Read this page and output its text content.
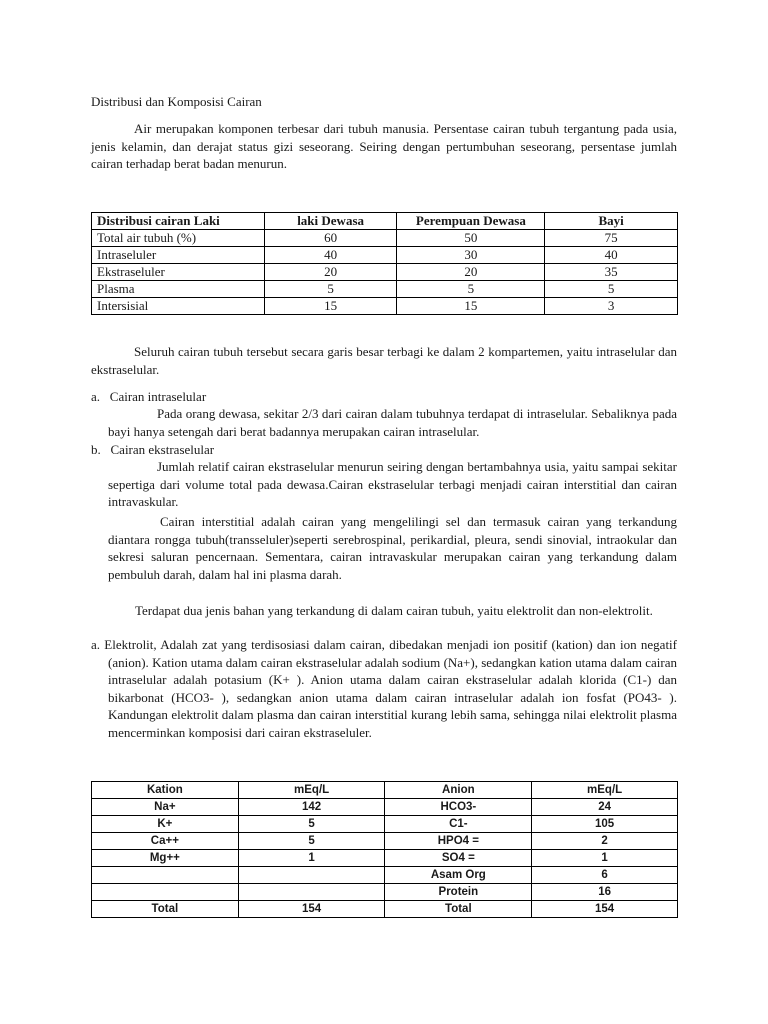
Distribusi dan Komposisi Cairan
Air merupakan komponen terbesar dari tubuh manusia. Persentase cairan tubuh tergantung pada usia, jenis kelamin, dan derajat status gizi seseorang. Seiring dengan pertumbuhan seseorang, persentase jumlah cairan terhadap berat badan menurun.
Distribusi cairan Laki	laki Dewasa	Perempuan Dewasa	Bayi
Total air tubuh (%)	60	50	75
Intraseluler	40	30	40
Ekstraseluler	20	20	35
Plasma	5	5	5
Intersisial	15	15	3
Seluruh cairan tubuh tersebut secara garis besar terbagi ke dalam 2 kompartemen, yaitu intraselular dan ekstraselular.
a.   Cairan intraselular
Pada orang dewasa, sekitar 2/3 dari cairan dalam tubuhnya terdapat di intraselular. Sebaliknya pada bayi hanya setengah dari berat badannya merupakan cairan intraselular.
b.   Cairan ekstraselular
Jumlah relatif cairan ekstraselular menurun seiring dengan bertambahnya usia, yaitu sampai sekitar sepertiga dari volume total pada dewasa.Cairan ekstraselular terbagi menjadi cairan interstitial dan cairan intravaskular.
Cairan interstitial adalah cairan yang mengelilingi sel dan termasuk cairan yang terkandung diantara rongga tubuh(transseluler)seperti serebrospinal, perikardial, pleura, sendi sinovial, intraokular dan sekresi saluran pencernaan. Sementara, cairan intravaskular merupakan cairan yang terkandung dalam pembuluh darah, dalam hal ini plasma darah.
Terdapat dua jenis bahan yang terkandung di dalam cairan tubuh, yaitu elektrolit dan non-elektrolit.
a. Elektrolit, Adalah zat yang terdisosiasi dalam cairan, dibedakan menjadi ion positif (kation) dan ion negatif (anion). Kation utama dalam cairan ekstraselular adalah sodium (Na+), sedangkan kation utama dalam cairan intraselular adalah potasium (K+ ). Anion utama dalam cairan ekstraselular adalah klorida (C1-) dan bikarbonat (HCO3- ), sedangkan anion utama dalam cairan intraselular adalah ion fosfat (PO43- ). Kandungan elektrolit dalam plasma dan cairan interstitial kurang lebih sama, sehingga nilai elektrolit plasma mencerminkan komposisi dari cairan ekstraseluler.
Kation	mEq/L	Anion	mEq/L
Na+	142	HCO3-	24
K+	5	C1-	105
Ca++	5	HPO4 =	2
Mg++	1	SO4 =	1
		Asam Org	6
		Protein	16
Total	154	Total	154
